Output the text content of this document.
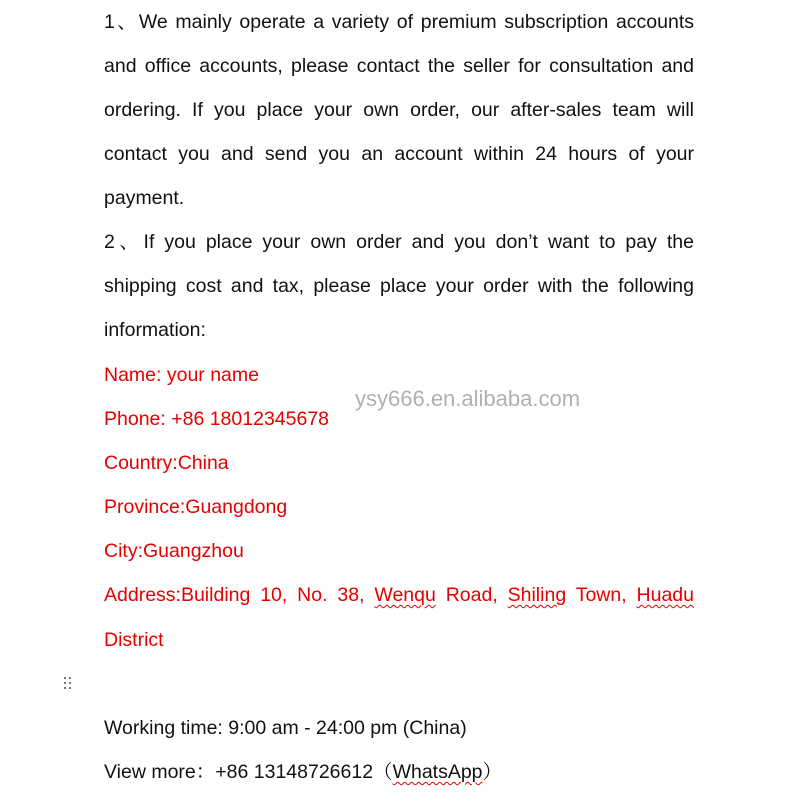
1、We mainly operate a variety of premium subscription accounts
and office accounts, please contact the seller for consultation and
ordering. If you place your own order, our after-sales team will
contact you and send you an account within 24 hours of your
payment.
2、If you place your own order and you don’t want to pay the
shipping cost and tax, please place your order with the following
information:
Name: your name
Phone: +86 18012345678
Country:China
Province:Guangdong
City:Guangzhou
Address:Building 10, No. 38, Wenqu Road, Shiling Town, Huadu
District
Working time: 9:00 am - 24:00 pm (China)
View more：+86 13148726612（WhatsApp）
ysy666.en.alibaba.com
